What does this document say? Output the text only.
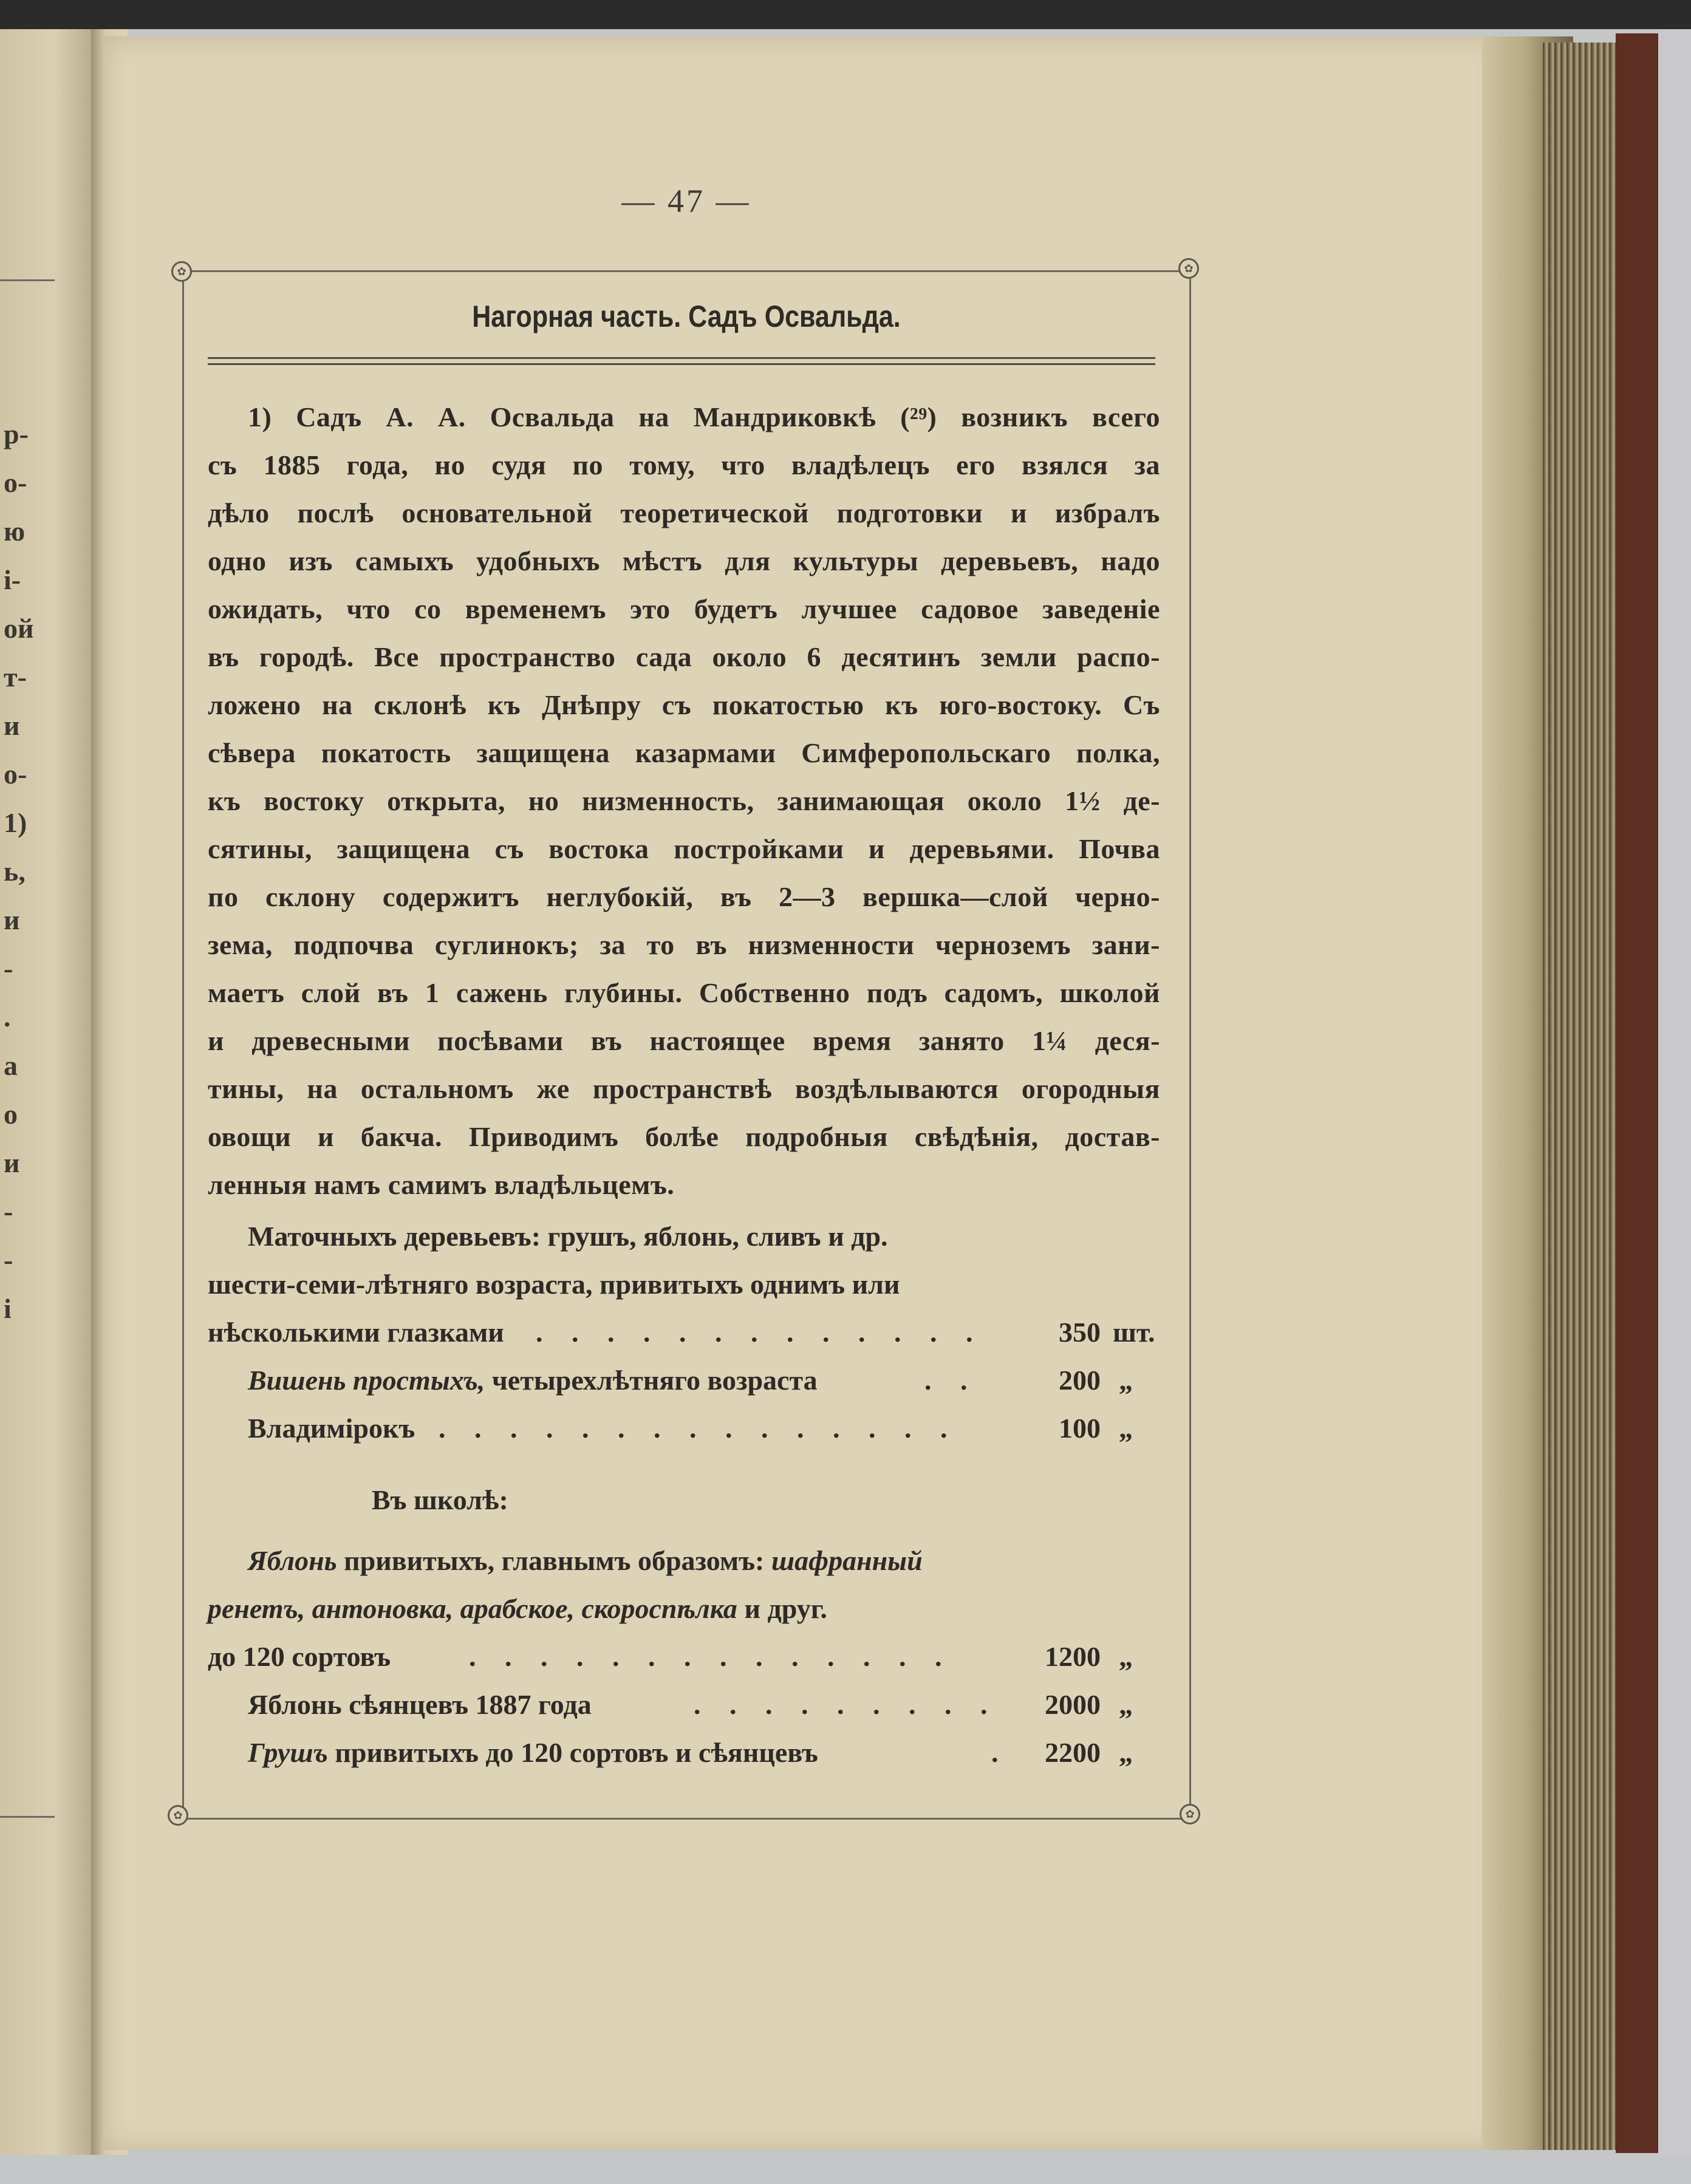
р-
о-
ю
і-
ой
т-
и
о-
1)
ь,
и
-
.
а
о
и
-
-
і
— 47 —
✿	✿
✿	✿
Нагорная часть. Садъ Освальда.
1) Садъ А. А. Освальда на Мандриковкѣ (²⁹) возникъ всего
съ 1885 года, но судя по тому, что владѣлецъ его взялся за
дѣло послѣ основательной теоретической подготовки и избралъ
одно изъ самыхъ удобныхъ мѣстъ для культуры деревьевъ, надо
ожидать, что со временемъ это будетъ лучшее садовое заведеніе
въ городѣ. Все пространство сада около 6 десятинъ земли распо-
ложено на склонѣ къ Днѣпру съ покатостью къ юго-востоку. Съ
сѣвера покатость защищена казармами Симферопольскаго полка,
къ востоку открыта, но низменность, занимающая около 1½ де-
сятины, защищена съ востока постройками и деревьями. Почва
по склону содержитъ неглубокій, въ 2—3 вершка—слой черно-
зема, подпочва суглинокъ; за то въ низменности черноземъ зани-
маетъ слой въ 1 сажень глубины. Собственно подъ садомъ, школой
и древесными посѣвами въ настоящее время занято 1¼ деся-
тины, на остальномъ же пространствѣ воздѣлываются огородныя
овощи и бакча. Приводимъ болѣе подробныя свѣдѣнія, достав-
ленныя намъ самимъ владѣльцемъ.
Маточныхъ деревьевъ: грушъ, яблонь, сливъ и др.
шести-семи-лѣтняго возраста, привитыхъ однимъ или
нѣсколькими глазками . . . . . . . . . . . . .	350 шт.
Вишень простыхъ, четырехлѣтняго возраста	. .	200 „
Владимірокъ . . . . . . . . . . . . . . .	100 „
Въ школѣ:
Яблонь привитыхъ, главнымъ образомъ: шафранный
ренетъ, антоновка, арабское, скороспѣлка и друг.
до 120 сортовъ	. . . . . . . . . . . . . .	1200 „
Яблонь сѣянцевъ 1887 года	. . . . . . . . .	2000 „
Грушъ привитыхъ до 120 сортовъ и сѣянцевъ	.	2200 „
